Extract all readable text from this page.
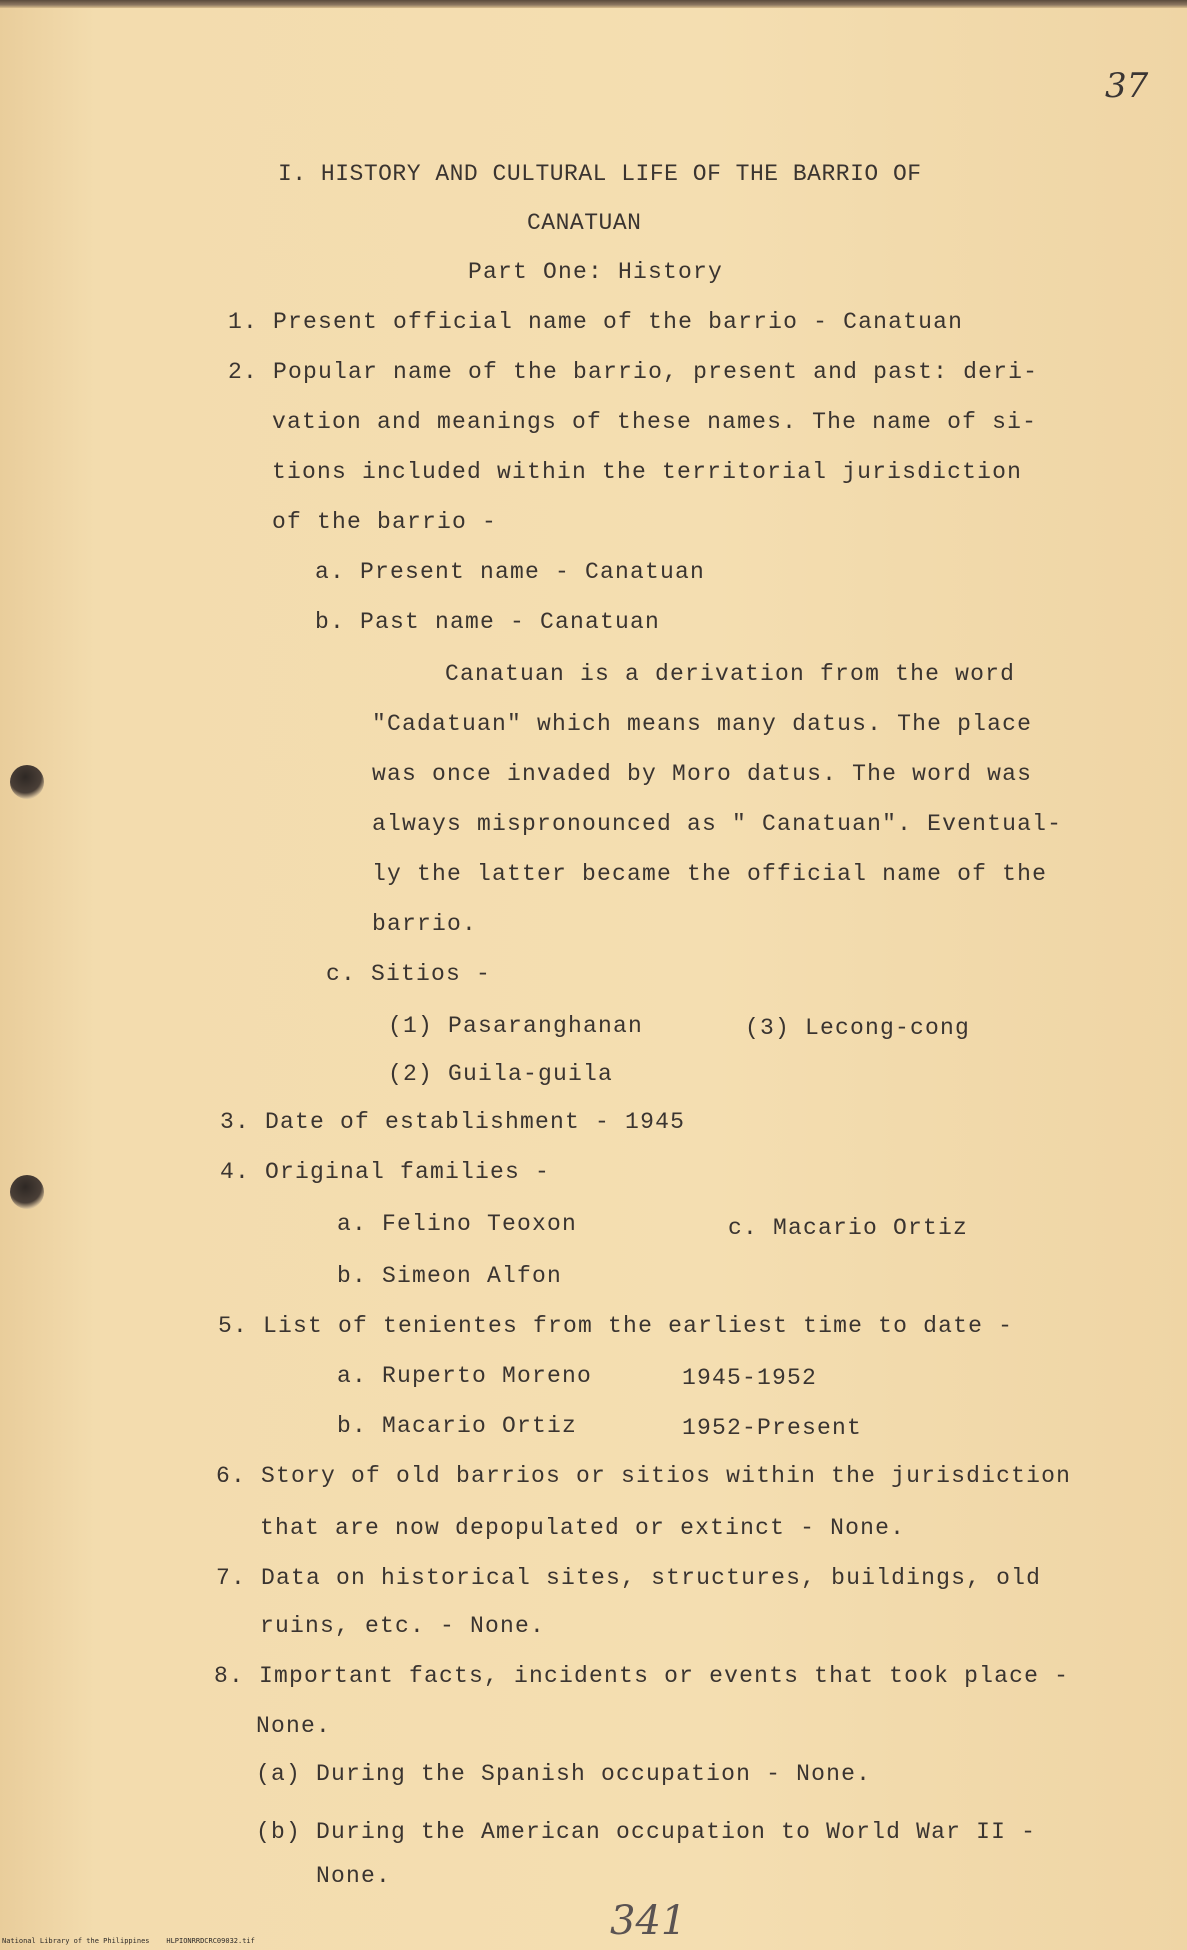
37
I. HISTORY AND CULTURAL LIFE OF THE BARRIO OF
CANATUAN
Part One: History
1. Present official name of the barrio - Canatuan
2. Popular name of the barrio, present and past: deri-
vation and meanings of these names. The name of si-
tions included within the territorial jurisdiction
of the barrio -
a. Present name - Canatuan
b. Past name - Canatuan
Canatuan is a derivation from the word
"Cadatuan" which means many datus. The place
was once invaded by Moro datus. The word was
always mispronounced as " Canatuan". Eventual-
ly the latter became the official name of the
barrio.
c. Sitios -
(1) Pasaranghanan	(3) Lecong-cong
(2) Guila-guila
3. Date of establishment - 1945
4. Original families -
a. Felino Teoxon	c. Macario Ortiz
b. Simeon Alfon
5. List of tenientes from the earliest time to date -
a. Ruperto Moreno	1945-1952
b. Macario Ortiz	1952-Present
6. Story of old barrios or sitios within the jurisdiction
that are now depopulated or extinct - None.
7. Data on historical sites, structures, buildings, old
ruins, etc. - None.
8. Important facts, incidents or events that took place -
None.
(a) During the Spanish occupation - None.
(b) During the American occupation to World War II -
None.
341
National Library of the Philippines    HLPIONRRDCRC09032.tif
